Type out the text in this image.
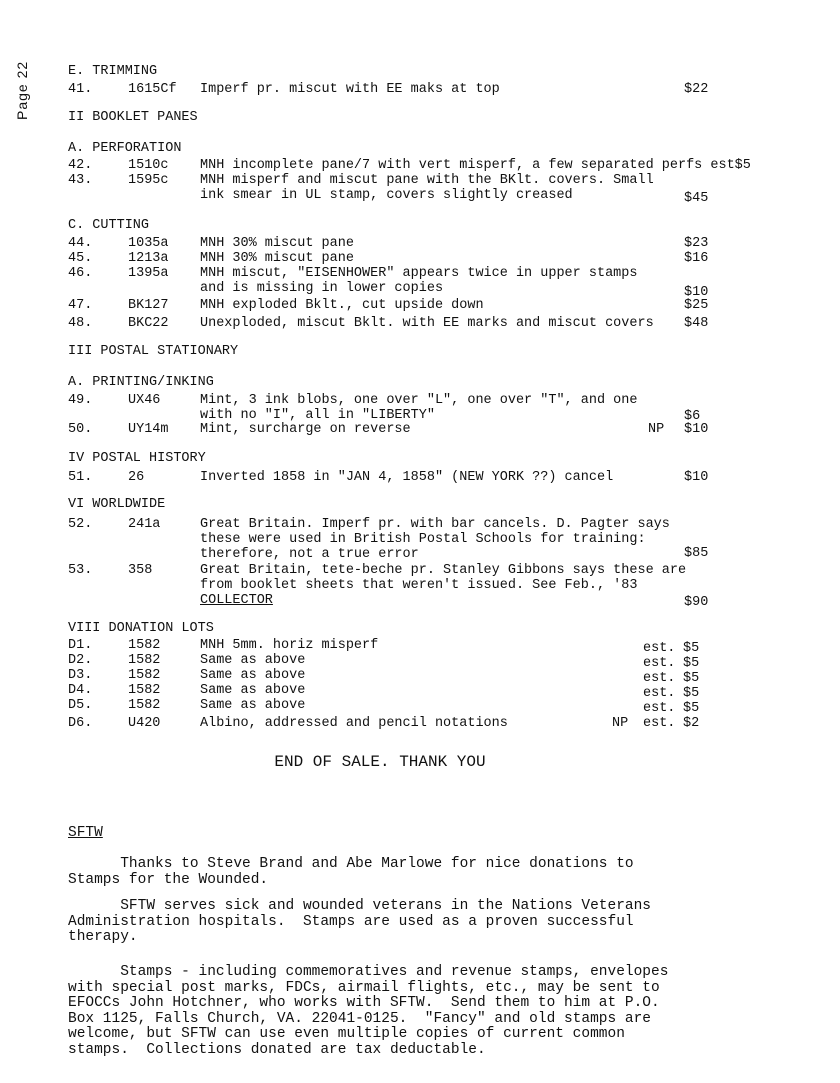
Page 22	E. TRIMMING
41.	1615Cf Imperf pr. miscut with EE maks at top	$22
II BOOKLET PANES
A. PERFORATION
42.	1510c MNH incomplete pane/7 with vert misperf, a few separated perfs est$5
43.	1595c MNH misperf and miscut pane with the BKlt. covers. Small
ink smear in UL stamp, covers slightly creased	$45
C. CUTTING
44.	1035a MNH 30% miscut pane	$23
45.	1213a MNH 30% miscut pane	$16
46.	1395a MNH miscut, "EISENHOWER" appears twice in upper stamps
and is missing in lower copies	$10
47.	BK127 MNH exploded Bklt., cut upside down	$25
48.	BKC22 Unexploded, miscut Bklt. with EE marks and miscut covers $48
III POSTAL STATIONARY
A. PRINTING/INKING
49.	UX46	Mint, 3 ink blobs, one over "L", one over "T", and one
with no "I", all in "LIBERTY"	$6
50.	UY14m Mint, surcharge on reverse	NP $10
IV POSTAL HISTORY
51.	26	Inverted 1858 in "JAN 4, 1858" (NEW YORK ??) cancel	$10
VI WORLDWIDE
52.	241a	Great Britain. Imperf pr. with bar cancels. D. Pagter says
these were used in British Postal Schools for training:
therefore, not a true error	$85
53.	358	Great Britain, tete-beche pr. Stanley Gibbons says these are
from booklet sheets that weren't issued. See Feb., '83
COLLECTOR	$90
VIII DONATION LOTS
D1.	1582	MNH 5mm. horiz misperf	est. $5
D2.	1582	Same as above	est. $5
D3.	1582	Same as above	est. $5
D4.	1582	Same as above	est. $5
D5.	1582	Same as above	est. $5
D6.	U420	Albino, addressed and pencil notations	NP est. $2
END OF SALE. THANK YOU
SFTW
Thanks to Steve Brand and Abe Marlowe for nice donations to
Stamps for the Wounded.
SFTW serves sick and wounded veterans in the Nations Veterans
Administration hospitals.  Stamps are used as a proven successful
therapy.
Stamps - including commemoratives and revenue stamps, envelopes
with special post marks, FDCs, airmail flights, etc., may be sent to
EFOCCs John Hotchner, who works with SFTW.  Send them to him at P.O.
Box 1125, Falls Church, VA. 22041-0125.  "Fancy" and old stamps are
welcome, but SFTW can use even multiple copies of current common
stamps.  Collections donated are tax deductable.
